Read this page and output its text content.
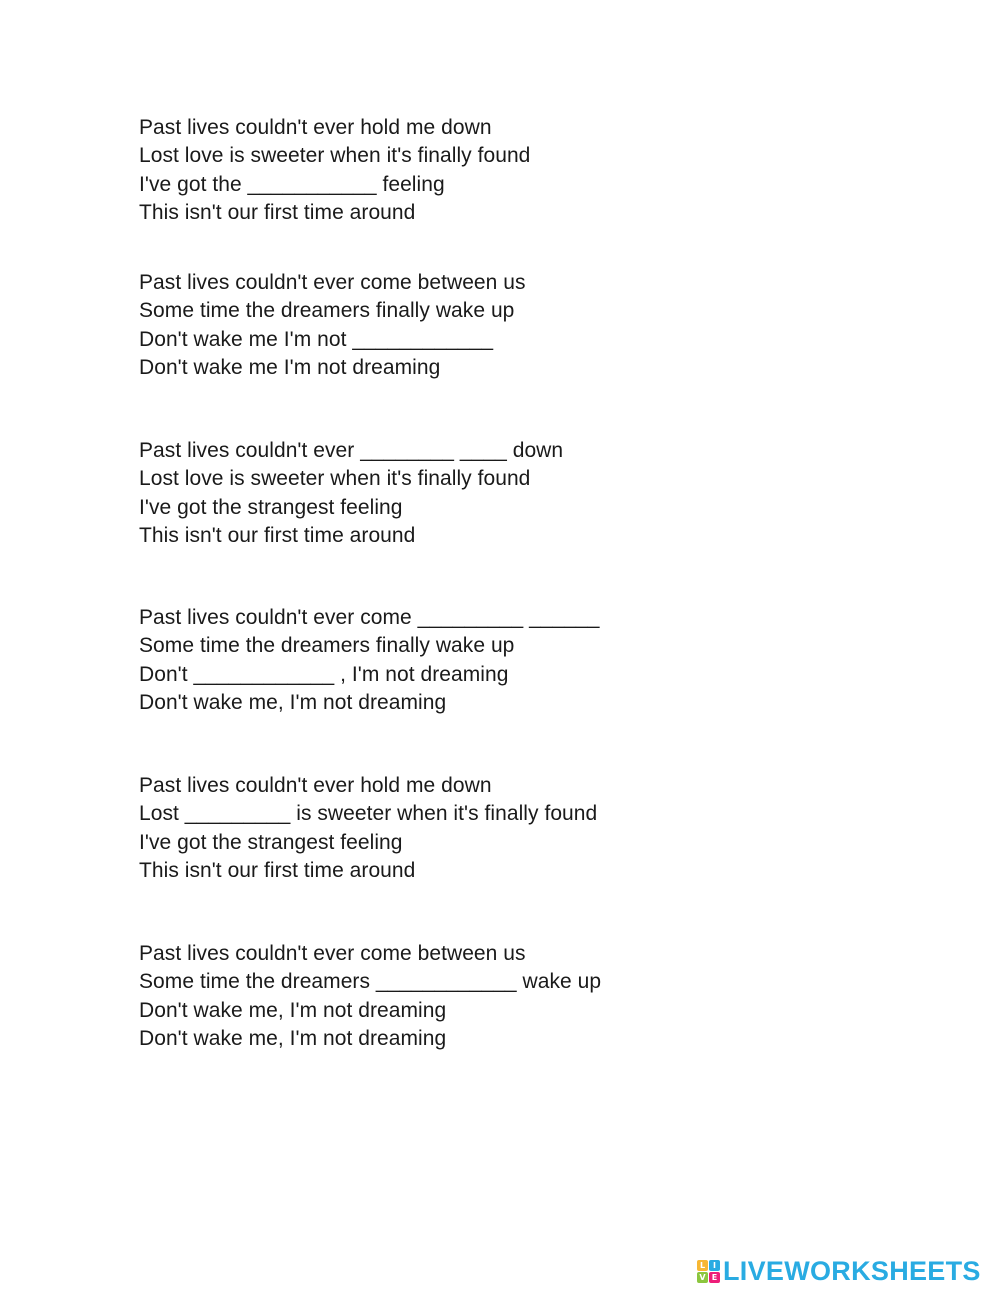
Past lives couldn't ever hold me down
Lost love is sweeter when it's finally found
I've got the ___________ feeling
This isn't our first time around
Past lives couldn't ever come between us
Some time the dreamers finally wake up
Don't wake me I'm not ____________
Don't wake me I'm not dreaming
Past lives couldn't ever ________ ____ down
Lost love is sweeter when it's finally found
I've got the strangest feeling
This isn't our first time around
Past lives couldn't ever come _________ ______
Some time the dreamers finally wake up
Don't ____________ , I'm not dreaming
Don't wake me, I'm not dreaming
Past lives couldn't ever hold me down
Lost _________ is sweeter when it's finally found
I've got the strangest feeling
This isn't our first time around
Past lives couldn't ever come between us
Some time the dreamers ____________ wake up
Don't wake me, I'm not dreaming
Don't wake me, I'm not dreaming
L I
V E LIVEWORKSHEETS
